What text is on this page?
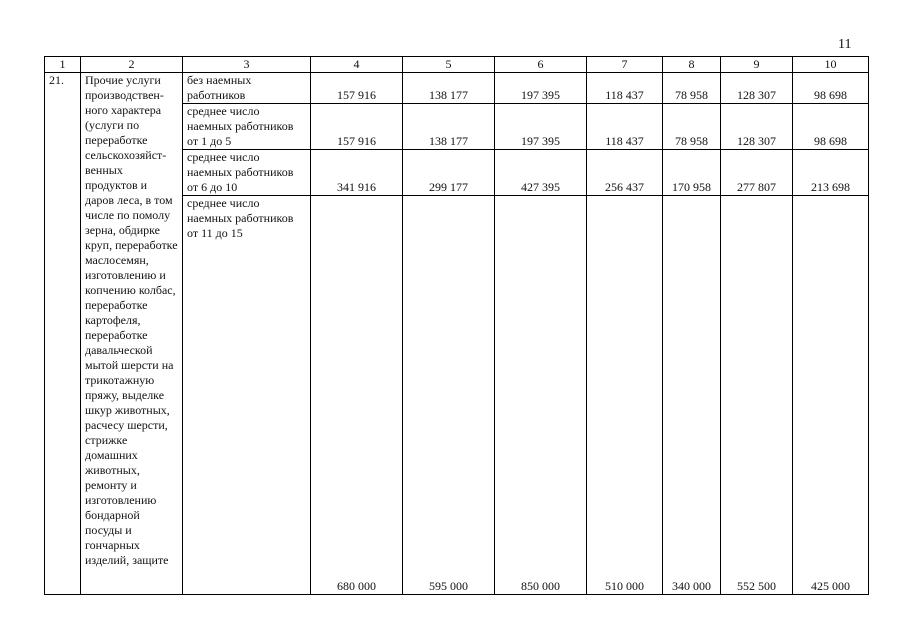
11
1	2	3	4	5	6	7	8	9	10
21.	Прочие услуги производствен-ного характера (услуги по переработке сельскохозяйст-венных продуктов и даров леса, в том числе по помолу зерна, обдирке круп, переработке маслосемян, изготовлению и копчению колбас, переработке картофеля, переработке давальческой мытой шерсти на трикотажную пряжу, выделке шкур животных, расчесу шерсти, стрижке домашних животных, ремонту и изготовлению бондарной посуды и гончарных изделий, защите	без наемных работников	157 916	138 177	197 395	118 437	78 958	128 307	98 698
		среднее число наемных работников от 1 до 5	157 916	138 177	197 395	118 437	78 958	128 307	98 698
		среднее число наемных работников от 6 до 10	341 916	299 177	427 395	256 437	170 958	277 807	213 698
		среднее число наемных работников от 11 до 15	680 000	595 000	850 000	510 000	340 000	552 500	425 000
